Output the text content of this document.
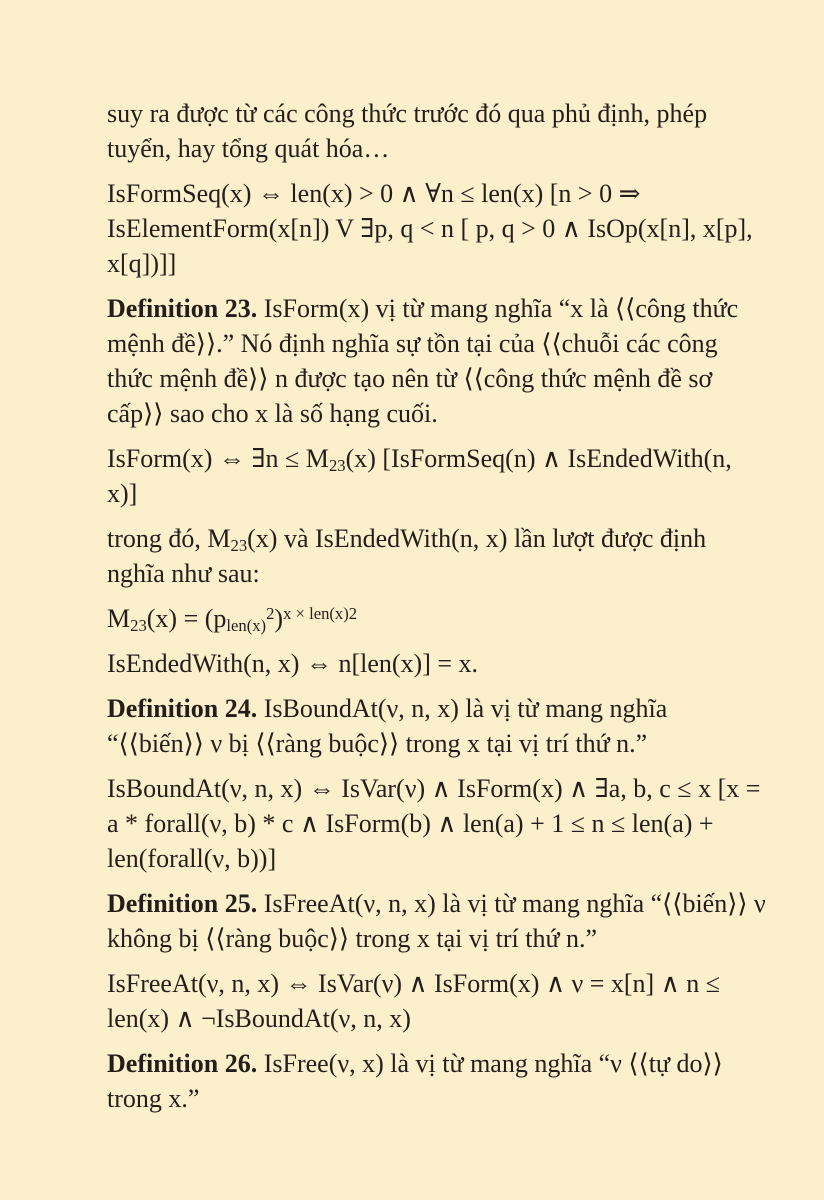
suy ra được từ các công thức trước đó qua phủ định, phép tuyển, hay tổng quát hóa…

IsFormSeq(x) ⇔ len(x) > 0 ∧ ∀n ≤ len(x) [n > 0 ⇒ IsElementForm(x[n]) V ∃p, q < n [ p, q > 0 ∧ IsOp(x[n], x[p], x[q])]]

Definition 23. IsForm(x) vị từ mang nghĩa “x là ⟨⟨công thức mệnh đề⟩⟩.” Nó định nghĩa sự tồn tại của ⟨⟨chuỗi các công thức mệnh đề⟩⟩ n được tạo nên từ ⟨⟨công thức mệnh đề sơ cấp⟩⟩ sao cho x là số hạng cuối.

IsForm(x) ⇔ ∃n ≤ $M_{23}(x)$ [IsFormSeq(n) ∧ IsEndedWith(n, x)]

trong đó, $M_{23}(x)$ và IsEndedWith(n, x) lần lượt được định nghĩa như sau:

$M_{23}(x) = (p_{len(x)}^2)^{x \times len(x)2}$

IsEndedWith(n, x) ⇔ n[len(x)] = x.

Definition 24. IsBoundAt(ν, n, x) là vị từ mang nghĩa “⟨⟨biến⟩⟩ ν bị ⟨⟨ràng buộc⟩⟩ trong x tại vị trí thứ n.”

IsBoundAt(ν, n, x) ⇔ IsVar(ν) ∧ IsForm(x) ∧ ∃a, b, c ≤ x [x = a * forall(ν, b) * c ∧ IsForm(b) ∧ len(a) + 1 ≤ n ≤ len(a) + len(forall(ν, b))]

Definition 25. IsFreeAt(ν, n, x) là vị từ mang nghĩa “⟨⟨biến⟩⟩ ν không bị ⟨⟨ràng buộc⟩⟩ trong x tại vị trí thứ n.”

IsFreeAt(ν, n, x) ⇔ IsVar(ν) ∧ IsForm(x) ∧ ν = x[n] ∧ n ≤ len(x) ∧ ¬IsBoundAt(ν, n, x)

Definition 26. IsFree(ν, x) là vị từ mang nghĩa “ν ⟨⟨tự do⟩⟩ trong x.”
